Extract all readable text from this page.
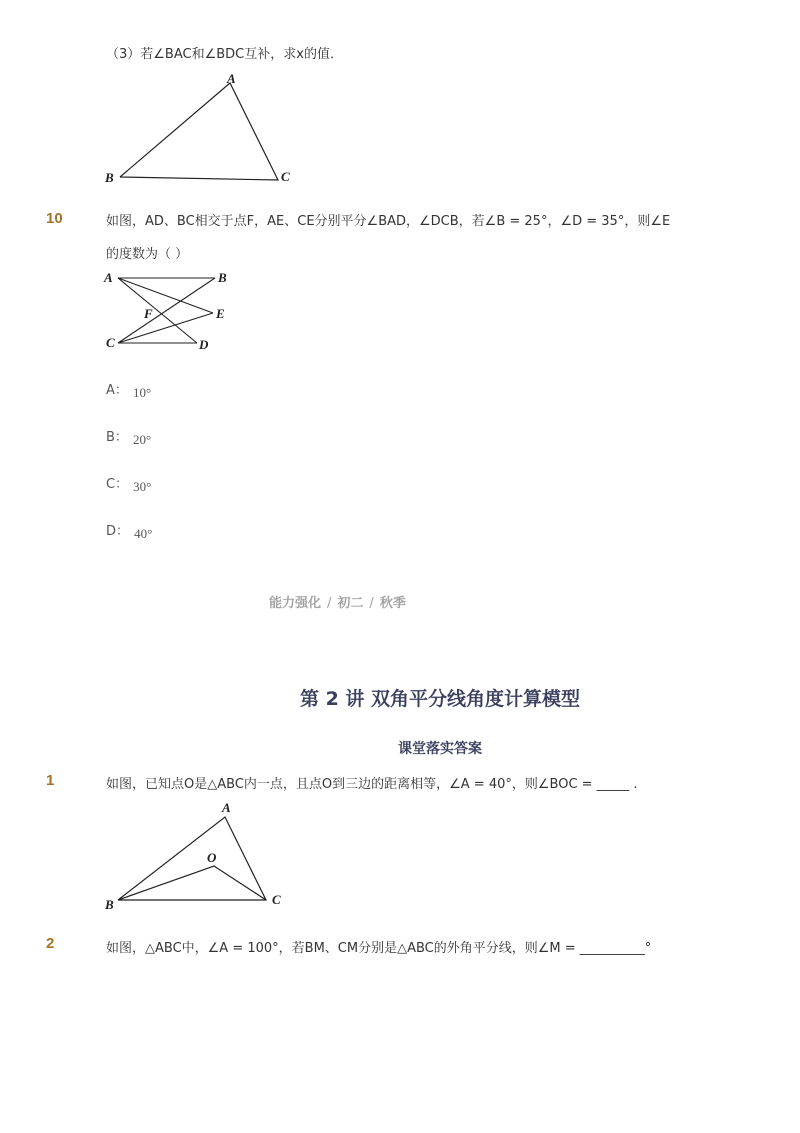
（3）若∠BAC和∠BDC互补，求x的值．
A
B	C
10	如图，AD、BC相交于点F，AE、CE分别平分∠BAD，∠DCB，若∠B = 25°，∠D = 35°，则∠E
的度数为（ ）
A	B
E
F
C	D
A： 10°
B： 20°
C： 30°
D： 40°
能力强化 / 初二 / 秋季
第 2 讲 双角平分线角度计算模型
课堂落实答案
1	如图，已知点O是△ABC内一点，且点O到三边的距离相等，∠A = 40°，则∠BOC = _____ .
A
O
B	C
2	如图，△ABC中，∠A = 100°，若BM、CM分别是△ABC的外角平分线，则∠M = __________°
